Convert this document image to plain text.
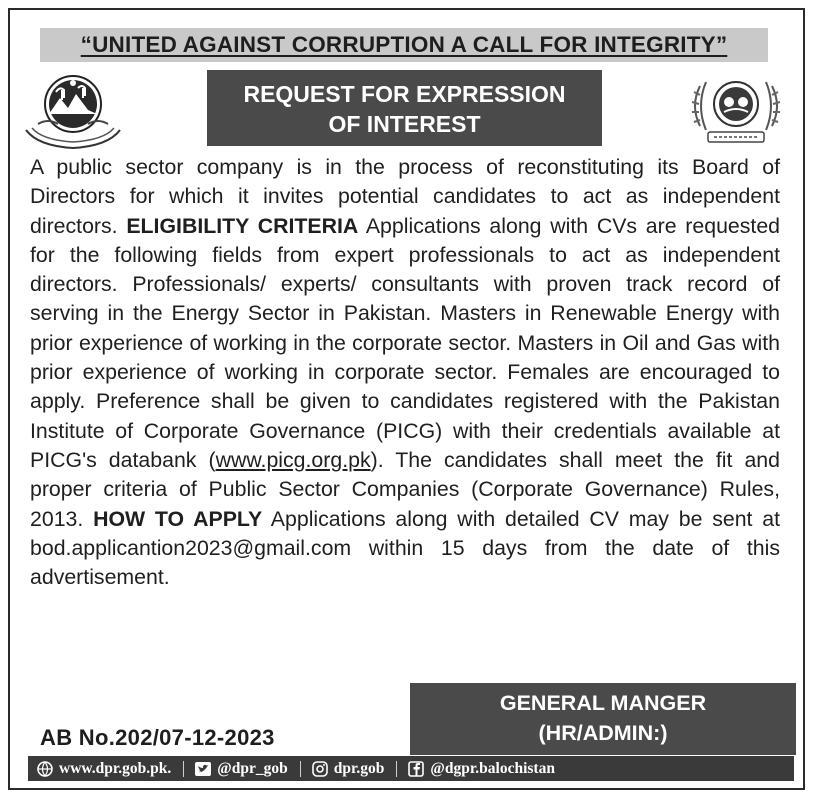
“UNITED AGAINST CORRUPTION A CALL FOR INTEGRITY”
REQUEST FOR EXPRESSION
OF INTEREST
A public sector company is in the process of reconstituting its Board of Directors for which it invites potential candidates to act as independent directors. ELIGIBILITY CRITERIA Applications along with CVs are requested for the following fields from expert professionals to act as independent directors. Professionals/ experts/ consultants with proven track record of serving in the Energy Sector in Pakistan. Masters in Renewable Energy with prior experience of working in the corporate sector. Masters in Oil and Gas with prior experience of working in corporate sector. Females are encouraged to apply. Preference shall be given to candidates registered with the Pakistan Institute of Corporate Governance (PICG) with their credentials available at PICG's databank (www.picg.org.pk). The candidates shall meet the fit and proper criteria of Public Sector Companies (Corporate Governance) Rules, 2013. HOW TO APPLY Applications along with detailed CV may be sent at bod.applicantion2023@gmail.com within 15 days from the date of this advertisement.
GENERAL MANGER
(HR/ADMIN:)
AB No.202/07-12-2023
www.dpr.gob.pk.	@dpr_gob	dpr.gob	@dgpr.balochistan
